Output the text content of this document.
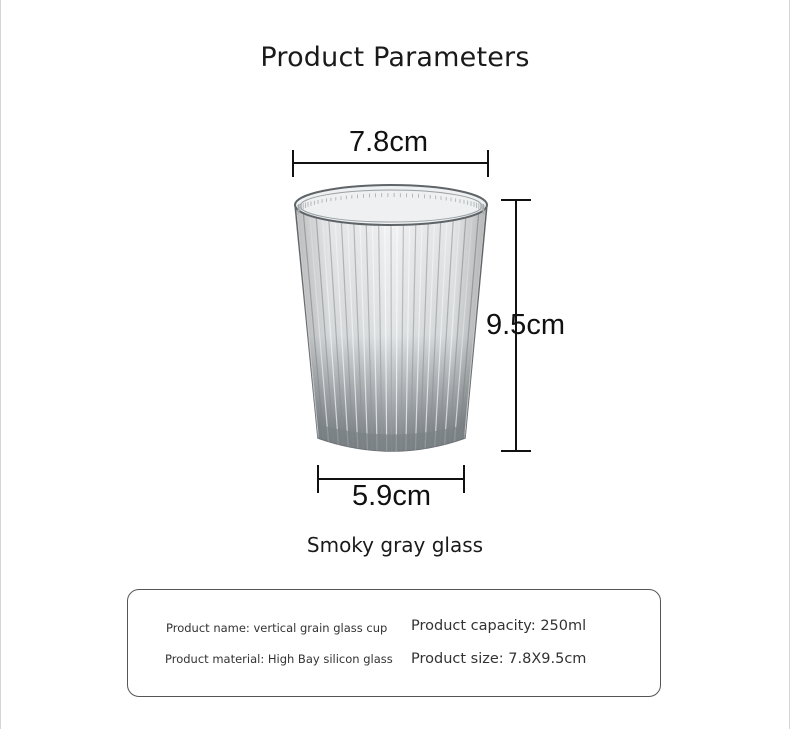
Product Parameters
7.8cm
9.5cm
5.9cm
Smoky gray glass
Product name: vertical grain glass cup
Product material: High Bay silicon glass
Product capacity: 250ml
Product size: 7.8X9.5cm
